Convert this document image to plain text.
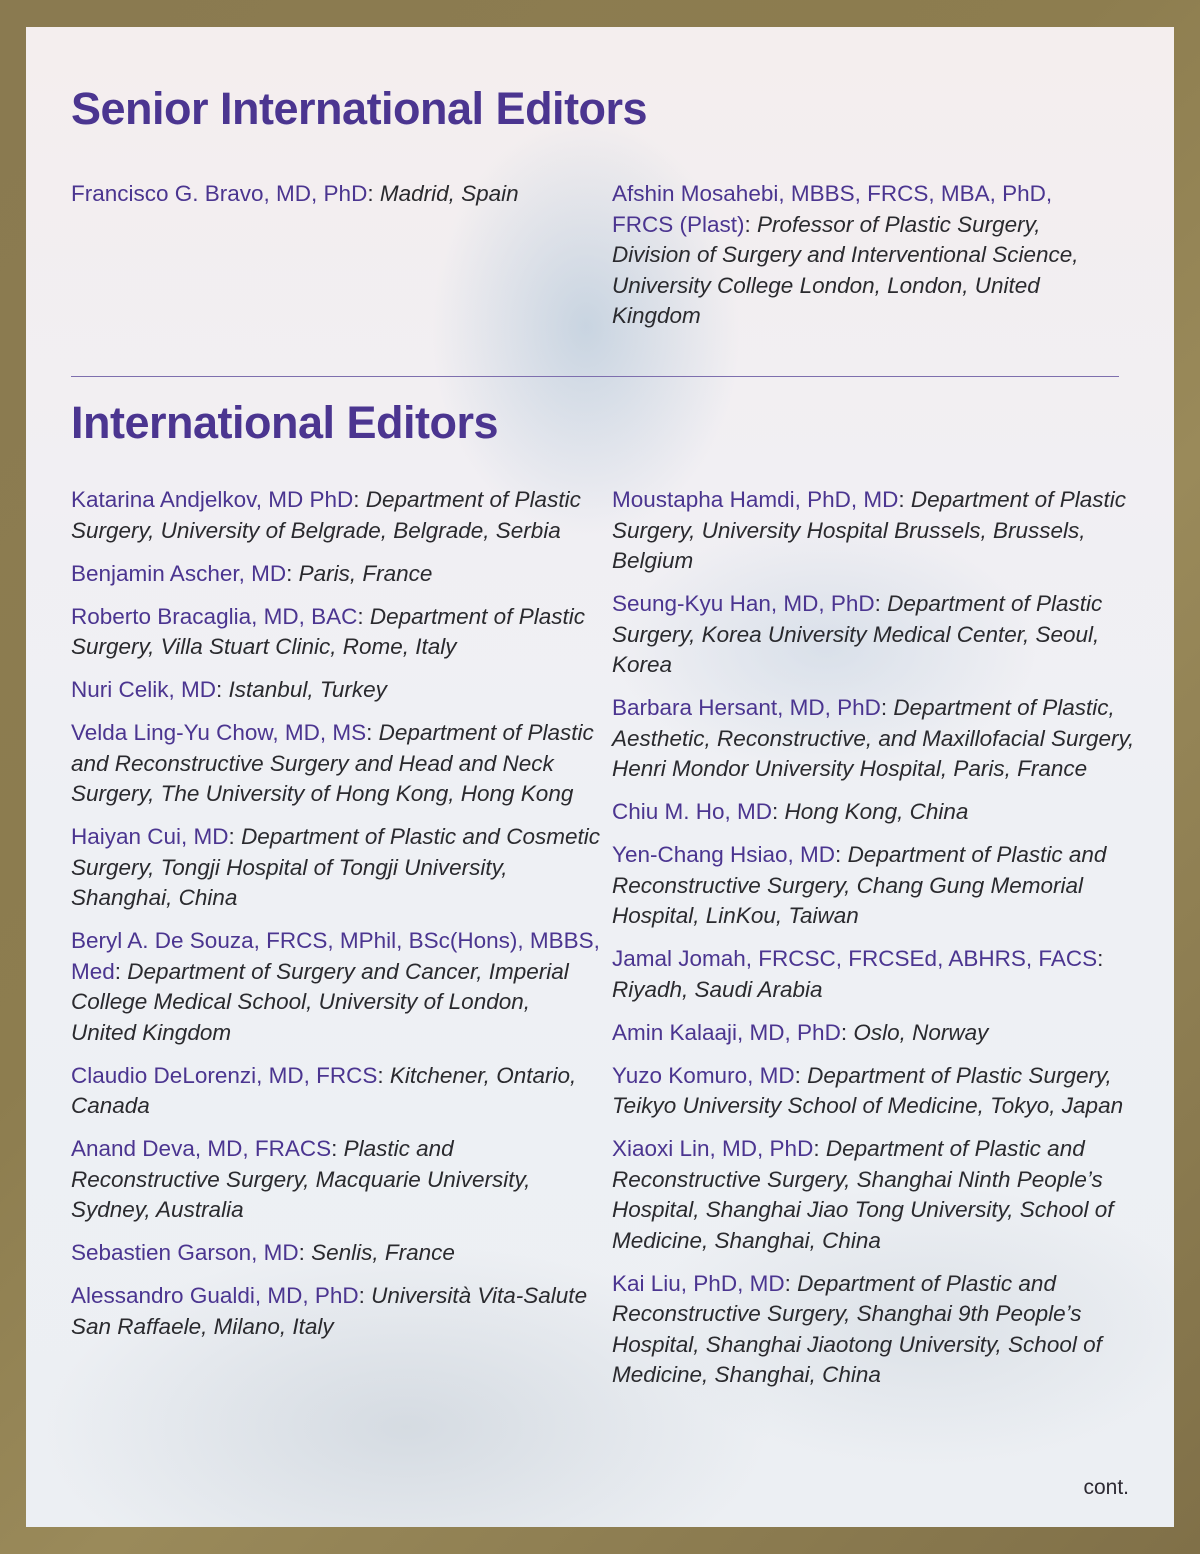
Senior International Editors

Francisco G. Bravo, MD, PhD: Madrid, Spain	Afshin Mosahebi, MBBS, FRCS, MBA, PhD, FRCS (Plast): Professor of Plastic Surgery, Division of Surgery and Interventional Science, University College London, London, United Kingdom

International Editors

Katarina Andjelkov, MD PhD: Department of Plastic Surgery, University of Belgrade, Belgrade, Serbia

Benjamin Ascher, MD: Paris, France

Roberto Bracaglia, MD, BAC: Department of Plastic Surgery, Villa Stuart Clinic, Rome, Italy

Nuri Celik, MD: Istanbul, Turkey

Velda Ling-Yu Chow, MD, MS: Department of Plastic and Reconstructive Surgery and Head and Neck Surgery, The University of Hong Kong, Hong Kong

Haiyan Cui, MD: Department of Plastic and Cosmetic Surgery, Tongji Hospital of Tongji University, Shanghai, China

Beryl A. De Souza, FRCS, MPhil, BSc(Hons), MBBS, Med: Department of Surgery and Cancer, Imperial College Medical School, University of London, United Kingdom

Claudio DeLorenzi, MD, FRCS: Kitchener, Ontario, Canada

Anand Deva, MD, FRACS: Plastic and Reconstructive Surgery, Macquarie University, Sydney, Australia

Sebastien Garson, MD: Senlis, France

Alessandro Gualdi, MD, PhD: Università Vita-Salute San Raffaele, Milano, Italy

Moustapha Hamdi, PhD, MD: Department of Plastic Surgery, University Hospital Brussels, Brussels, Belgium

Seung-Kyu Han, MD, PhD: Department of Plastic Surgery, Korea University Medical Center, Seoul, Korea

Barbara Hersant, MD, PhD: Department of Plastic, Aesthetic, Reconstructive, and Maxillofacial Surgery, Henri Mondor University Hospital, Paris, France

Chiu M. Ho, MD: Hong Kong, China

Yen-Chang Hsiao, MD: Department of Plastic and Reconstructive Surgery, Chang Gung Memorial Hospital, LinKou, Taiwan

Jamal Jomah, FRCSC, FRCSEd, ABHRS, FACS: Riyadh, Saudi Arabia

Amin Kalaaji, MD, PhD: Oslo, Norway

Yuzo Komuro, MD: Department of Plastic Surgery, Teikyo University School of Medicine, Tokyo, Japan

Xiaoxi Lin, MD, PhD: Department of Plastic and Reconstructive Surgery, Shanghai Ninth People’s Hospital, Shanghai Jiao Tong University, School of Medicine, Shanghai, China

Kai Liu, PhD, MD: Department of Plastic and Reconstructive Surgery, Shanghai 9th People’s Hospital, Shanghai Jiaotong University, School of Medicine, Shanghai, China

cont.
